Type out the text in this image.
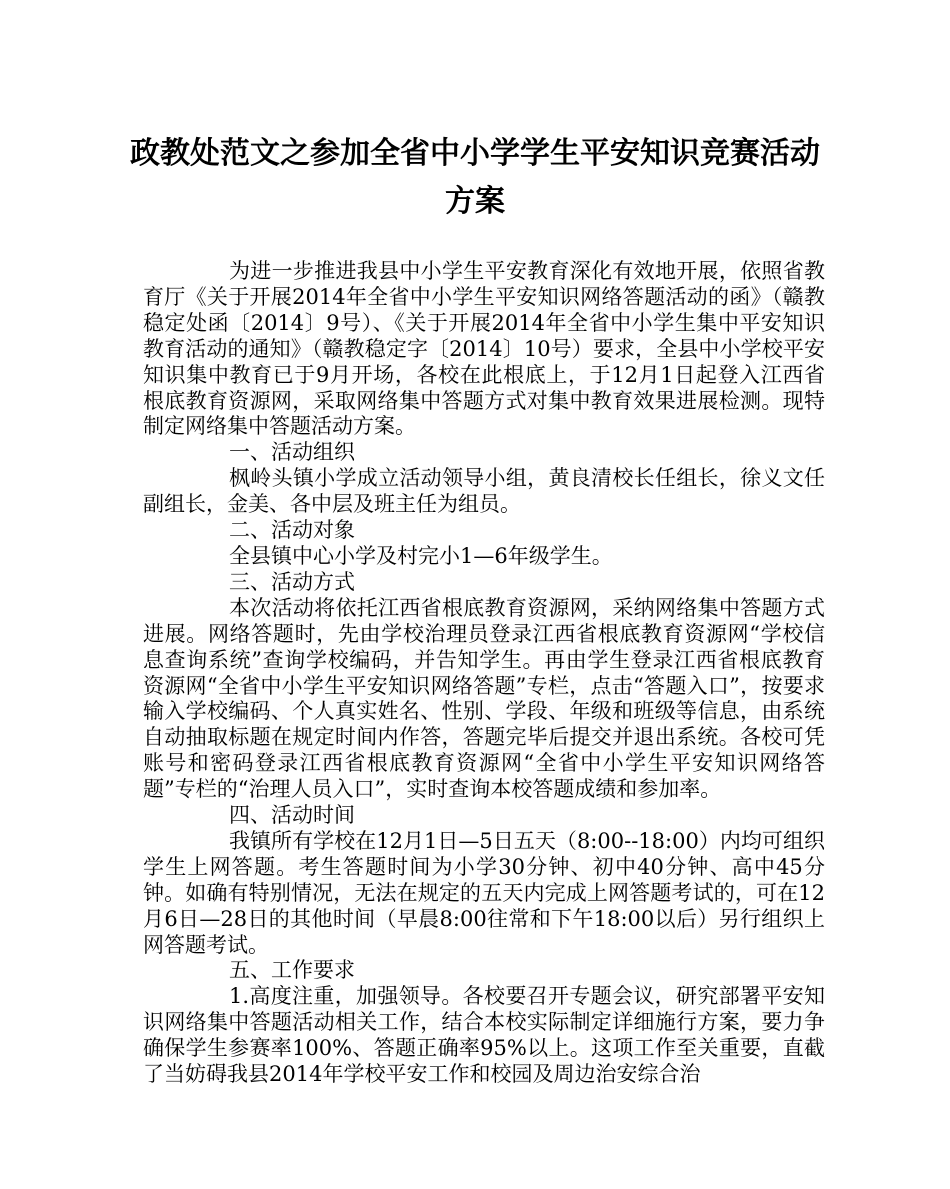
政教处范文之参加全省中小学学生平安知识竞赛活动方案

为进一步推进我县中小学生平安教育深化有效地开展，依照省教育厅《关于开展2014年全省中小学生平安知识网络答题活动的函》（赣教稳定处函〔2014〕9号）、《关于开展2014年全省中小学生集中平安知识教育活动的通知》（赣教稳定字〔2014〕10号）要求，全县中小学校平安知识集中教育已于9月开场，各校在此根底上，于12月1日起登入江西省根底教育资源网，采取网络集中答题方式对集中教育效果进展检测。现特制定网络集中答题活动方案。

一、活动组织

枫岭头镇小学成立活动领导小组，黄良清校长任组长，徐义文任副组长，金美、各中层及班主任为组员。

二、活动对象

全县镇中心小学及村完小1—6年级学生。

三、活动方式

本次活动将依托江西省根底教育资源网，采纳网络集中答题方式进展。网络答题时，先由学校治理员登录江西省根底教育资源网“学校信息查询系统”查询学校编码，并告知学生。再由学生登录江西省根底教育资源网“全省中小学生平安知识网络答题”专栏，点击“答题入口”，按要求输入学校编码、个人真实姓名、性别、学段、年级和班级等信息，由系统自动抽取标题在规定时间内作答，答题完毕后提交并退出系统。各校可凭账号和密码登录江西省根底教育资源网“全省中小学生平安知识网络答题”专栏的“治理人员入口”，实时查询本校答题成绩和参加率。

四、活动时间

我镇所有学校在12月1日—5日五天（8:00--18:00）内均可组织学生上网答题。考生答题时间为小学30分钟、初中40分钟、高中45分钟。如确有特别情况，无法在规定的五天内完成上网答题考试的，可在12月6日—28日的其他时间（早晨8:00往常和下午18:00以后）另行组织上网答题考试。

五、工作要求

1.高度注重，加强领导。各校要召开专题会议，研究部署平安知识网络集中答题活动相关工作，结合本校实际制定详细施行方案，要力争确保学生参赛率100%、答题正确率95%以上。这项工作至关重要，直截了当妨碍我县2014年学校平安工作和校园及周边治安综合治
